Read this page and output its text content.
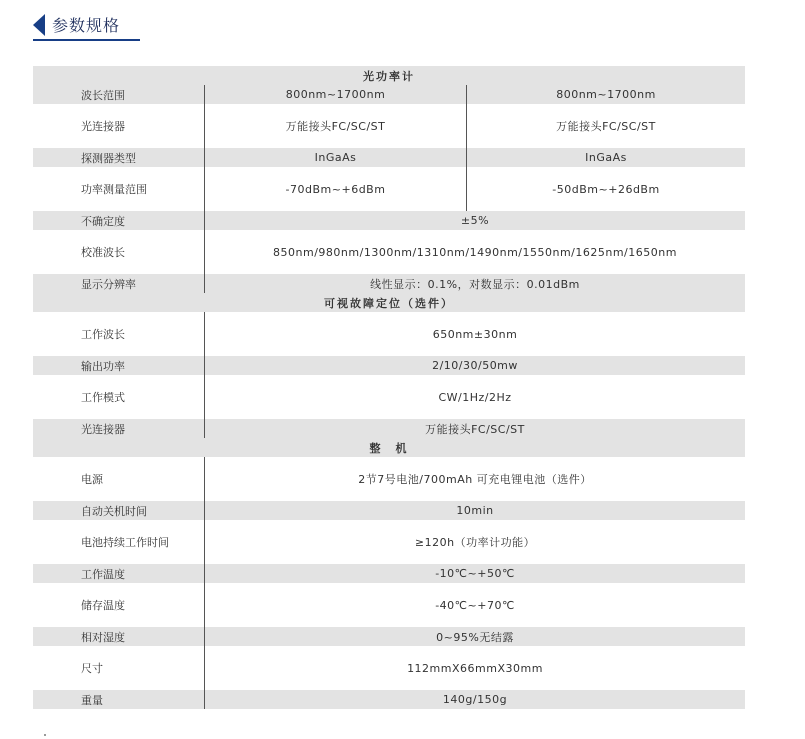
参数规格
光功率计
波长范围	800nm~1700nm	800nm~1700nm
光连接器	万能接头FC/SC/ST	万能接头FC/SC/ST
探测器类型	InGaAs	InGaAs
功率测量范围	-70dBm~+6dBm	-50dBm~+26dBm
不确定度	±5%
校准波长	850nm/980nm/1300nm/1310nm/1490nm/1550nm/1625nm/1650nm
显示分辨率	线性显示：0.1%，对数显示：0.01dBm
可视故障定位（选件）
工作波长	650nm±30nm
输出功率	2/10/30/50mw
工作模式	CW/1Hz/2Hz
光连接器	万能接头FC/SC/ST
整　机
电源	2节7号电池/700mAh 可充电锂电池（选件）
自动关机时间	10min
电池持续工作时间	≥120h（功率计功能）
工作温度	-10℃~+50℃
储存温度	-40℃~+70℃
相对湿度	0~95%无结露
尺寸	112mmX66mmX30mm
重量	140g/150g
